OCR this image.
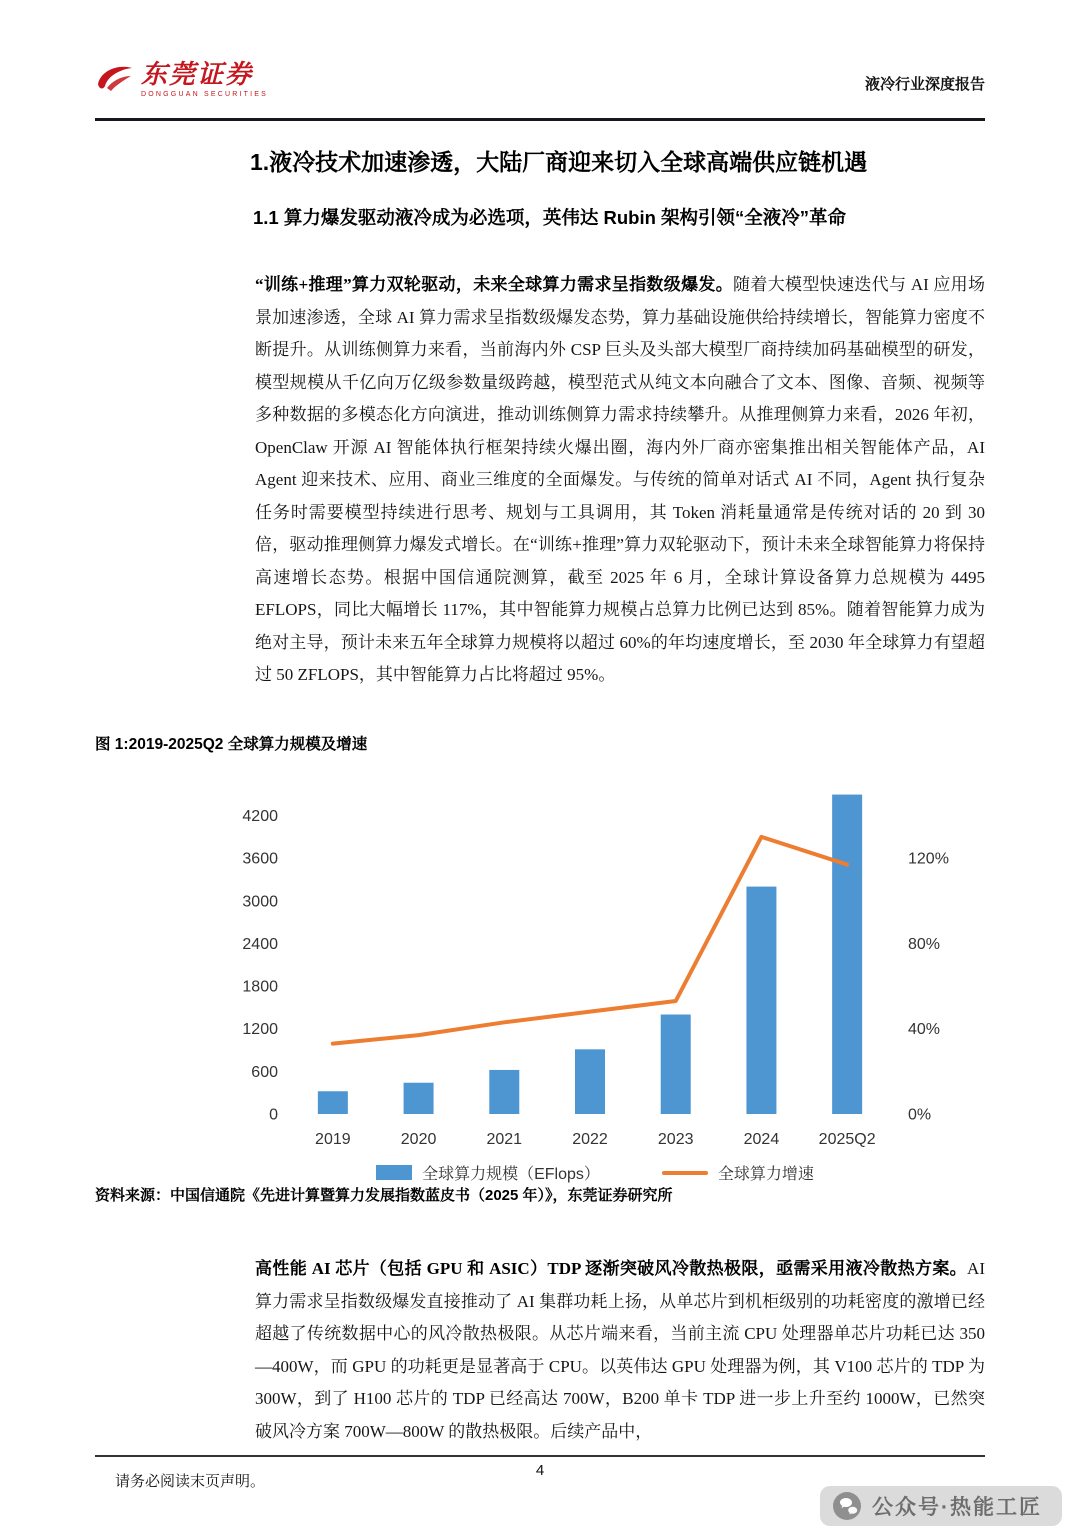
东莞证券
DONGGUAN SECURITIES
液冷行业深度报告
1.液冷技术加速渗透，大陆厂商迎来切入全球高端供应链机遇
1.1 算力爆发驱动液冷成为必选项，英伟达 Rubin 架构引领“全液冷”革命

“训练+推理”算力双轮驱动，未来全球算力需求呈指数级爆发。随着大模型快速迭代与 AI 应用场景加速渗透，全球 AI 算力需求呈指数级爆发态势，算力基础设施供给持续增长，智能算力密度不断提升。从训练侧算力来看，当前海内外 CSP 巨头及头部大模型厂商持续加码基础模型的研发，模型规模从千亿向万亿级参数量级跨越，模型范式从纯文本向融合了文本、图像、音频、视频等多种数据的多模态化方向演进，推动训练侧算力需求持续攀升。从推理侧算力来看，2026 年初，OpenClaw 开源 AI 智能体执行框架持续火爆出圈，海内外厂商亦密集推出相关智能体产品，AI Agent 迎来技术、应用、商业三维度的全面爆发。与传统的简单对话式 AI 不同，Agent 执行复杂任务时需要模型持续进行思考、规划与工具调用，其 Token 消耗量通常是传统对话的 20 到 30 倍，驱动推理侧算力爆发式增长。在“训练+推理”算力双轮驱动下，预计未来全球智能算力将保持高速增长态势。根据中国信通院测算，截至 2025 年 6 月，全球计算设备算力总规模为 4495 EFLOPS，同比大幅增长 117%，其中智能算力规模占总算力比例已达到 85%。随着智能算力成为绝对主导，预计未来五年全球算力规模将以超过 60%的年均速度增长，至 2030 年全球算力有望超过 50 ZFLOPS，其中智能算力占比将超过 95%。

图 1:2019-2025Q2 全球算力规模及增速
0
600
1200
1800
2400
3000
3600
4200
0%
40%
80%
120%
2019	2020	2021	2022	2023	2024 2025Q2
全球算力规模（EFlops）	全球算力增速
资料来源：中国信通院《先进计算暨算力发展指数蓝皮书（2025 年）》，东莞证券研究所

高性能 AI 芯片（包括 GPU 和 ASIC）TDP 逐渐突破风冷散热极限，亟需采用液冷散热方案。AI 算力需求呈指数级爆发直接推动了 AI 集群功耗上扬，从单芯片到机柜级别的功耗密度的激增已经超越了传统数据中心的风冷散热极限。从芯片端来看，当前主流 CPU 处理器单芯片功耗已达 350—400W，而 GPU 的功耗更是显著高于 CPU。以英伟达 GPU 处理器为例，其 V100 芯片的 TDP 为 300W，到了 H100 芯片的 TDP 已经高达 700W，B200 单卡 TDP 进一步上升至约 1000W，已然突破风冷方案 700W—800W 的散热极限。后续产品中，

请务必阅读末页声明。
4
公众号·热能工匠
